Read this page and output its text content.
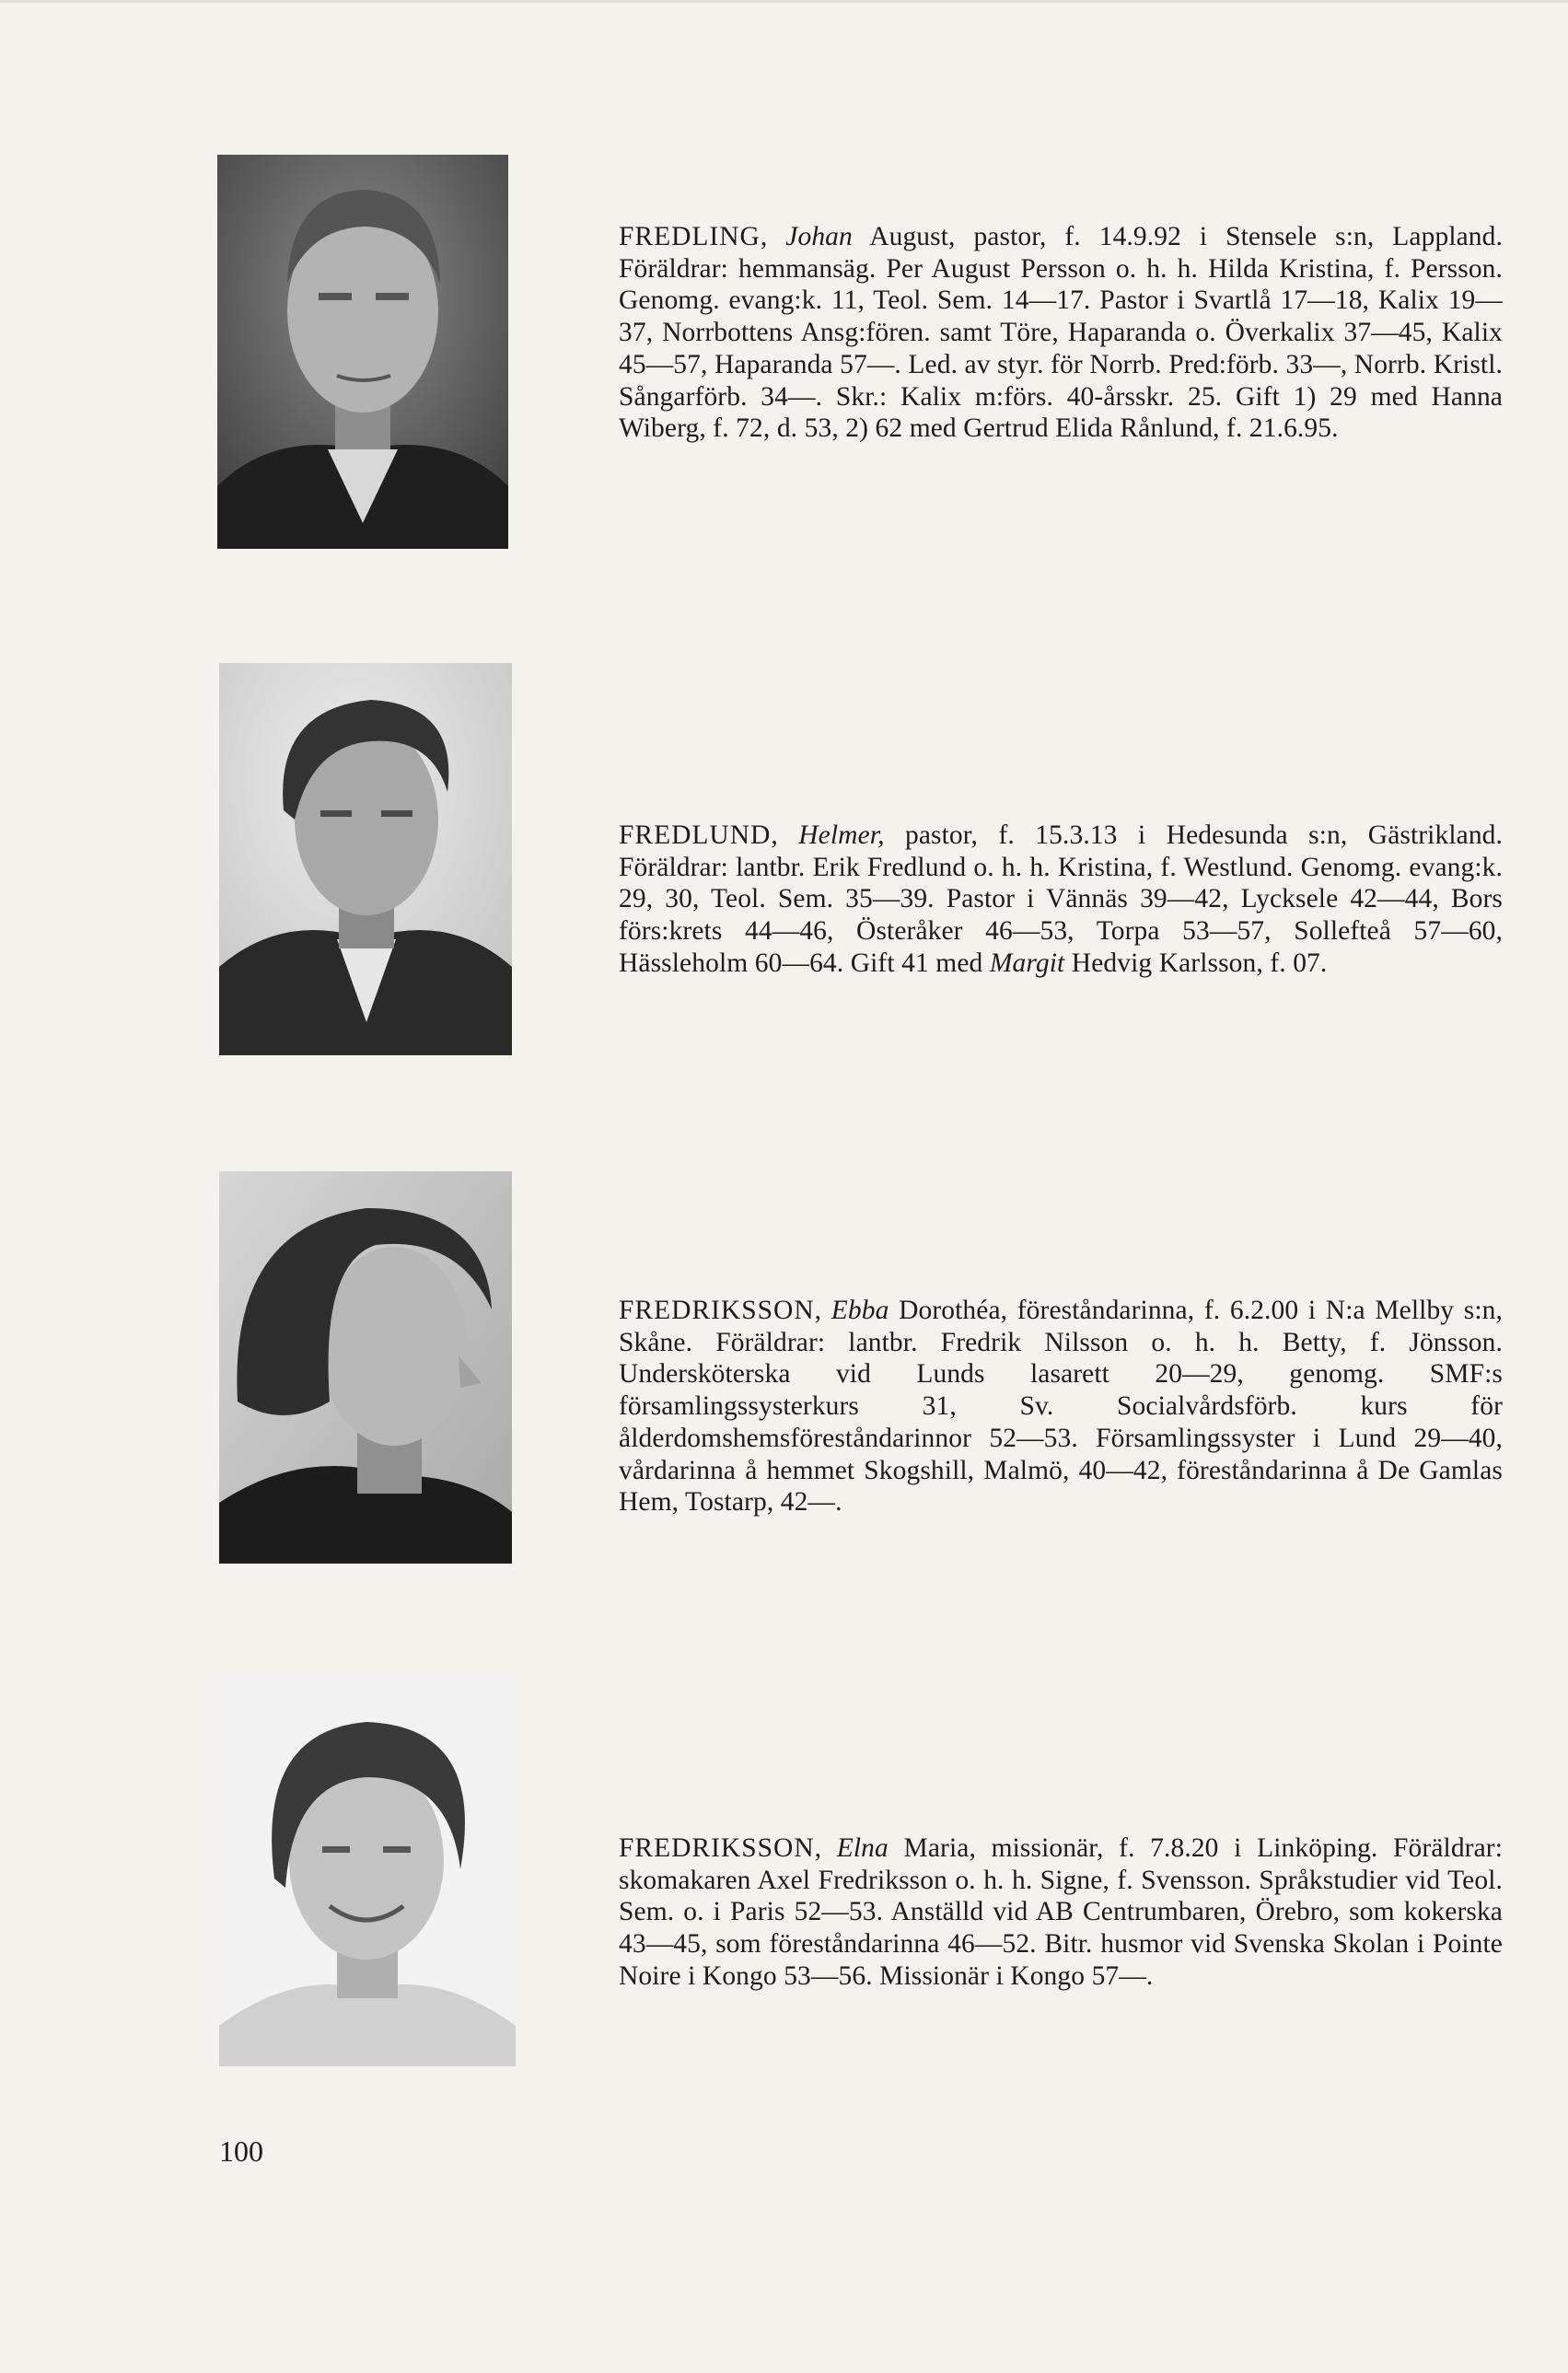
FREDLING, Johan August, pastor, f. 14.9.92 i Stensele s:n, Lappland. Föräldrar: hemmansäg. Per August Persson o. h. h. Hilda Kristina, f. Persson. Genomg. evang:k. 11, Teol. Sem. 14—17. Pastor i Svartlå 17—18, Kalix 19—37, Norrbottens Ansg:fören. samt Töre, Haparanda o. Överkalix 37—45, Kalix 45—57, Haparanda 57—. Led. av styr. för Norrb. Pred:förb. 33—, Norrb. Kristl. Sångarförb. 34—. Skr.: Kalix m:förs. 40-årsskr. 25. Gift 1) 29 med Hanna Wiberg, f. 72, d. 53, 2) 62 med Gertrud Elida Rånlund, f. 21.6.95.

FREDLUND, Helmer, pastor, f. 15.3.13 i Hedesunda s:n, Gästrikland. Föräldrar: lantbr. Erik Fredlund o. h. h. Kristina, f. Westlund. Genomg. evang:k. 29, 30, Teol. Sem. 35—39. Pastor i Vännäs 39—42, Lycksele 42—44, Bors förs:krets 44—46, Österåker 46—53, Torpa 53—57, Sollefteå 57—60, Hässleholm 60—64. Gift 41 med Margit Hedvig Karlsson, f. 07.

FREDRIKSSON, Ebba Dorothéa, föreståndarinna, f. 6.2.00 i N:a Mellby s:n, Skåne. Föräldrar: lantbr. Fredrik Nilsson o. h. h. Betty, f. Jönsson. Undersköterska vid Lunds lasarett 20—29, genomg. SMF:s församlingssysterkurs 31, Sv. Socialvårdsförb. kurs för ålderdomshemsföreståndarinnor 52—53. Församlingssyster i Lund 29—40, vårdarinna å hemmet Skogshill, Malmö, 40—42, föreståndarinna å De Gamlas Hem, Tostarp, 42—.

FREDRIKSSON, Elna Maria, missionär, f. 7.8.20 i Linköping. Föräldrar: skomakaren Axel Fredriksson o. h. h. Signe, f. Svensson. Språkstudier vid Teol. Sem. o. i Paris 52—53. Anställd vid AB Centrumbaren, Örebro, som kokerska 43—45, som föreståndarinna 46—52. Bitr. husmor vid Svenska Skolan i Pointe Noire i Kongo 53—56. Missionär i Kongo 57—.

100
